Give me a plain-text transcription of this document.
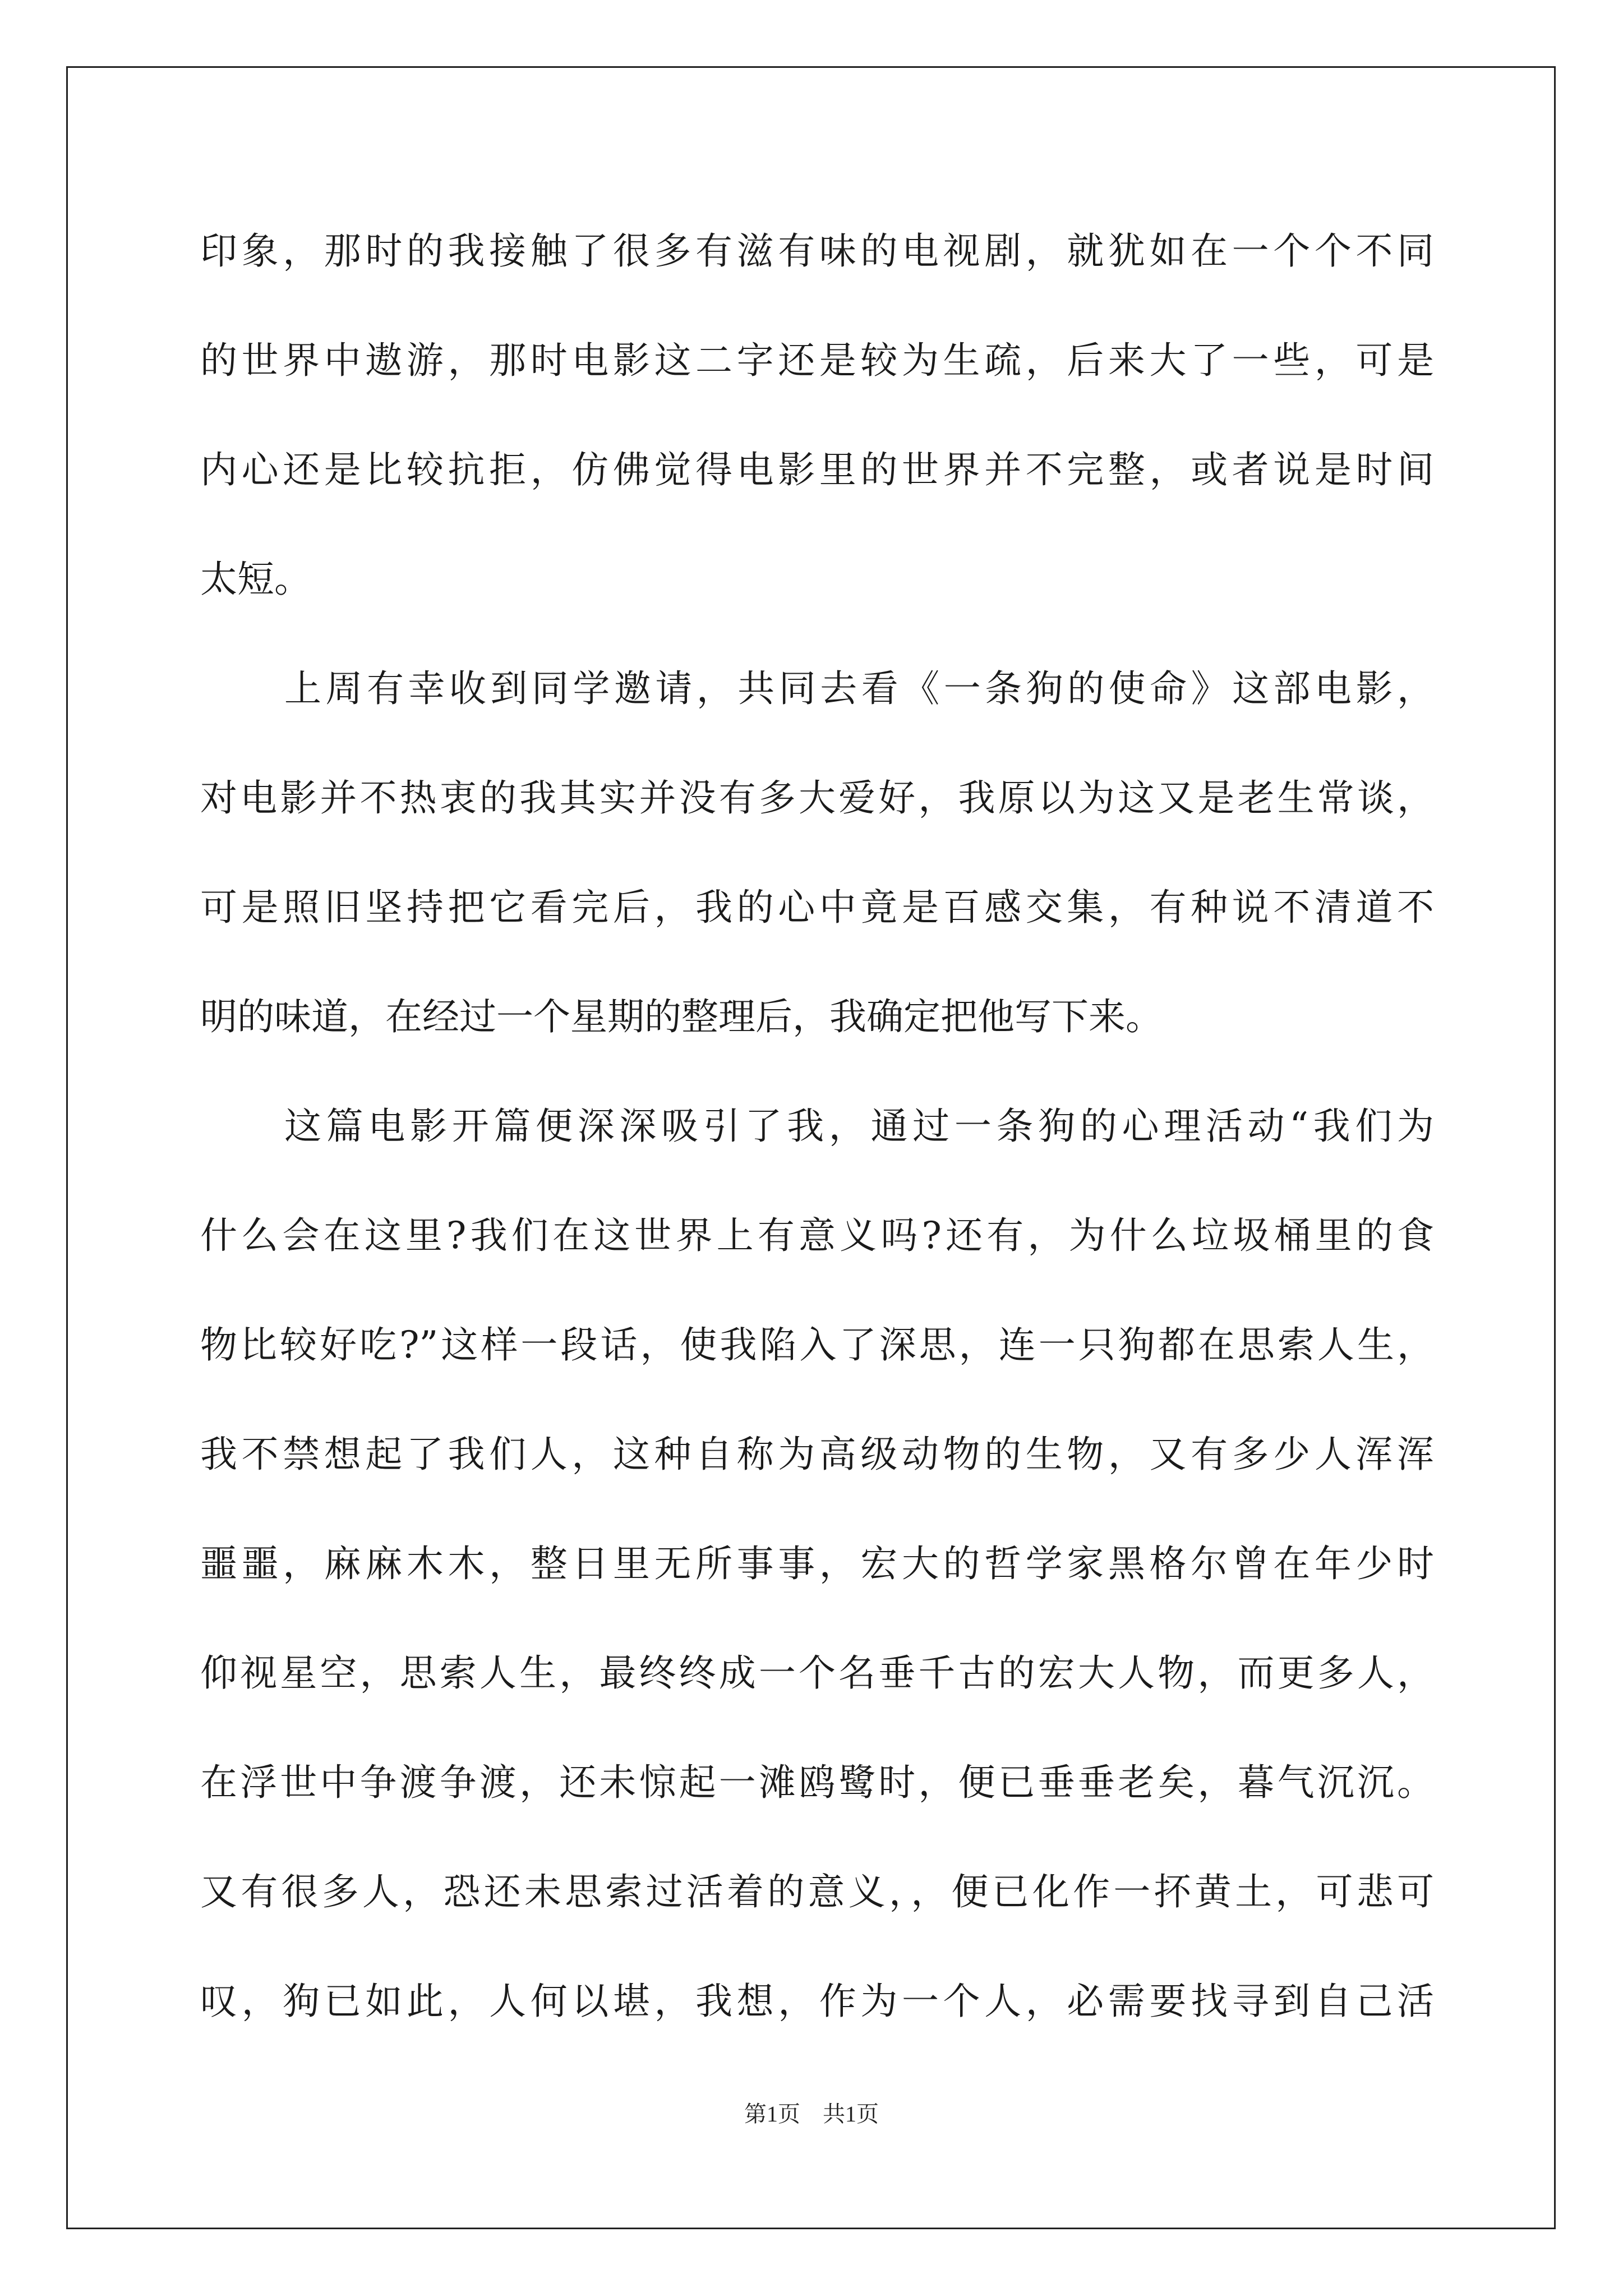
印象，那时的我接触了很多有滋有味的电视剧，就犹如在一个个不同
的世界中遨游，那时电影这二字还是较为生疏，后来大了一些，可是
内心还是比较抗拒，仿佛觉得电影里的世界并不完整，或者说是时间
太短。
上周有幸收到同学邀请，共同去看《一条狗的使命》这部电影，
对电影并不热衷的我其实并没有多大爱好，我原以为这又是老生常谈，
可是照旧坚持把它看完后，我的心中竟是百感交集，有种说不清道不
明的味道，在经过一个星期的整理后，我确定把他写下来。
这篇电影开篇便深深吸引了我，通过一条狗的心理活动“我们为
什么会在这里?我们在这世界上有意义吗?还有，为什么垃圾桶里的食
物比较好吃?”这样一段话，使我陷入了深思，连一只狗都在思索人生，
我不禁想起了我们人，这种自称为高级动物的生物，又有多少人浑浑
噩噩，麻麻木木，整日里无所事事，宏大的哲学家黑格尔曾在年少时
仰视星空，思索人生，最终终成一个名垂千古的宏大人物，而更多人，
在浮世中争渡争渡，还未惊起一滩鸥鹭时，便已垂垂老矣，暮气沉沉。
又有很多人，恐还未思索过活着的意义，，便已化作一抔黄土，可悲可
叹，狗已如此，人何以堪，我想，作为一个人，必需要找寻到自己活
第1页　共1页
